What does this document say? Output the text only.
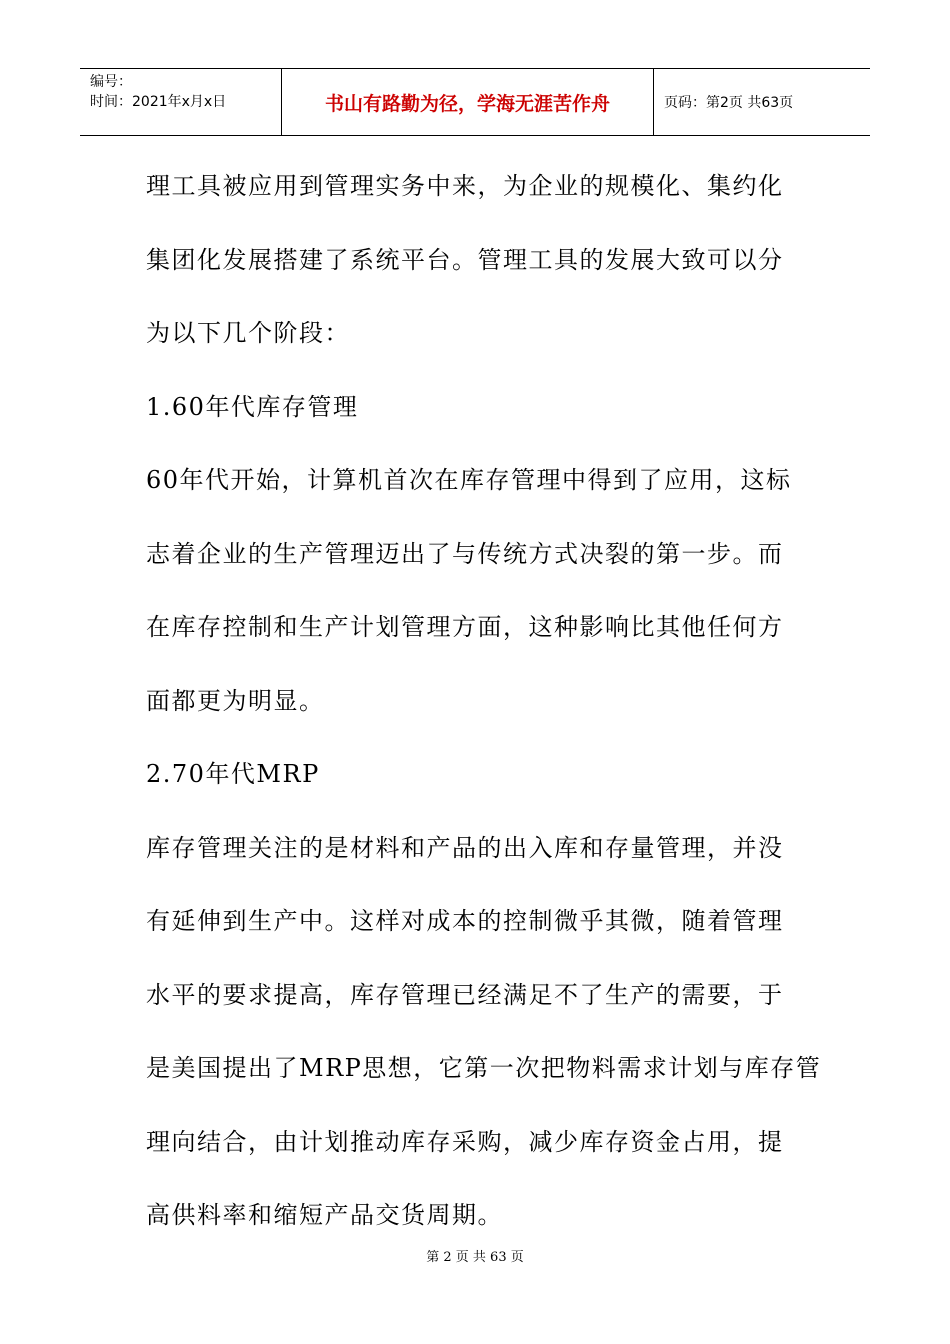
编号：
时间：2021年x月x日	书山有路勤为径，学海无涯苦作舟	页码：第2页 共63页

理工具被应用到管理实务中来，为企业的规模化、集约化

集团化发展搭建了系统平台。管理工具的发展大致可以分

为以下几个阶段：

1.60年代库存管理

60年代开始，计算机首次在库存管理中得到了应用，这标

志着企业的生产管理迈出了与传统方式决裂的第一步。而

在库存控制和生产计划管理方面，这种影响比其他任何方

面都更为明显。

2.70年代MRP

库存管理关注的是材料和产品的出入库和存量管理，并没

有延伸到生产中。这样对成本的控制微乎其微，随着管理

水平的要求提高，库存管理已经满足不了生产的需要，于

是美国提出了MRP思想，它第一次把物料需求计划与库存管

理向结合，由计划推动库存采购，减少库存资金占用，提

高供料率和缩短产品交货周期。

第 2 页 共 63 页
